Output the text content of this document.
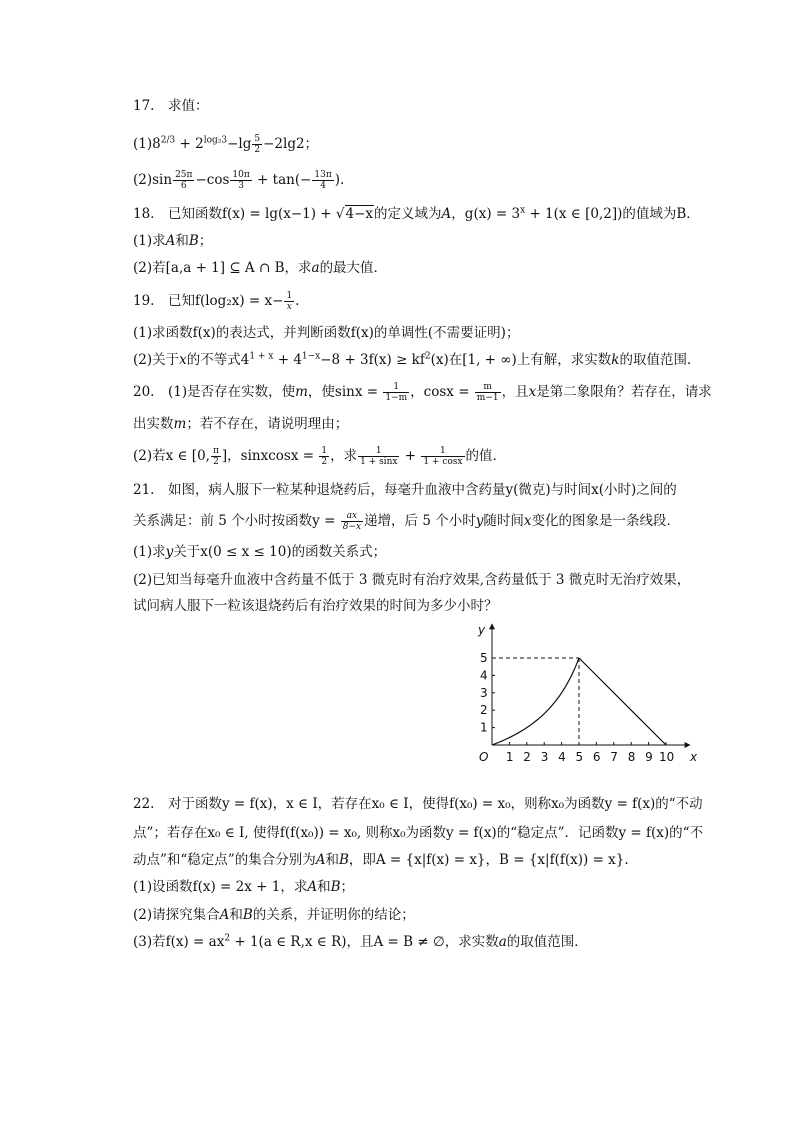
17.　求值：
$(1)8^{2/3} + 2^{log_23}-\lg \frac{5}{2} -2\lg 2$；
$(2)\sin \frac{25\pi}{6} -\cos \frac{10\pi}{3} + \tan(- \frac{13\pi}{4}$ ).
18.　已知函数f(x) = lg(x−1) + √4−x的定义域为A，$g(x) = 3^x + 1(x$ ∈ [0,2])的值域为B．
(1)求A和B；
(2)若[a,a + 1] ⊆ A ∩ B，求a的最大值．
19.　已知$f(\log_2x) = x- \frac{1}{x}$ .
(1)求函数f(x)的表达式，并判断函数f(x)的单调性(不需要证明)；
(2)关于x的不等式$4^{1 + x} + 4^{1-x}-8 + 3f(x) \ge kf^2(x)$在[1, + ∞)上有解，求实数k的取值范围．
20.　(1)是否存在实数，使m，使$\sin x = \frac{1}{1-m}$ ，$\cos x = \frac{m}{m-1}$ ，且x是第二象限角？若存在，请求
出实数m；若不存在，请说明理由；
(2)若x ∈ [0, $\frac{\pi}{2}$ ]，sinxcosx = $\frac{1}{2}$ ，求 $\frac{1}{1 + \sin x} + \frac{1}{1 + \cos x}$ 的值．
21.　如图，病人服下一粒某种退烧药后，每毫升血液中含药量y(微克)与时间x(小时)之间的
关系满足：前 5 个小时按函数$y = \frac{ax}{8-x}$ 递增，后 5 个小时y随时间x变化的图象是一条线段．
(1)求y关于x(0 ≤ x ≤ 10)的函数关系式；
(2)已知当每毫升血液中含药量不低于 3 微克时有治疗效果,含药量低于 3 微克时无治疗效果，
试问病人服下一粒该退烧药后有治疗效果的时间为多少小时？
y
x
O 1 2 3 4 5 6 7 8 9 10
1
2
3
4
5
22.　对于函数y = f(x)，x ∈ I，若存在x₀ ∈ I，使得f(x₀) = x₀，则称x₀为函数y = f(x)的“不动
点”；若存在x₀ ∈ I, 使得f(f(x₀)) = x₀, 则称x₀为函数y = f(x)的“稳定点”．记函数y = f(x)的“不
动点”和“稳定点”的集合分别为A和B，即A = {x|f(x) = x}，B = {x|f(f(x)) = x}.
(1)设函数f(x) = 2x + 1，求A和B；
(2)请探究集合A和B的关系，并证明你的结论；
(3)若$f(x) = ax^2 + 1(a$ ∈ R,x ∈ R)，且A = B ≠ ∅，求实数a的取值范围．
